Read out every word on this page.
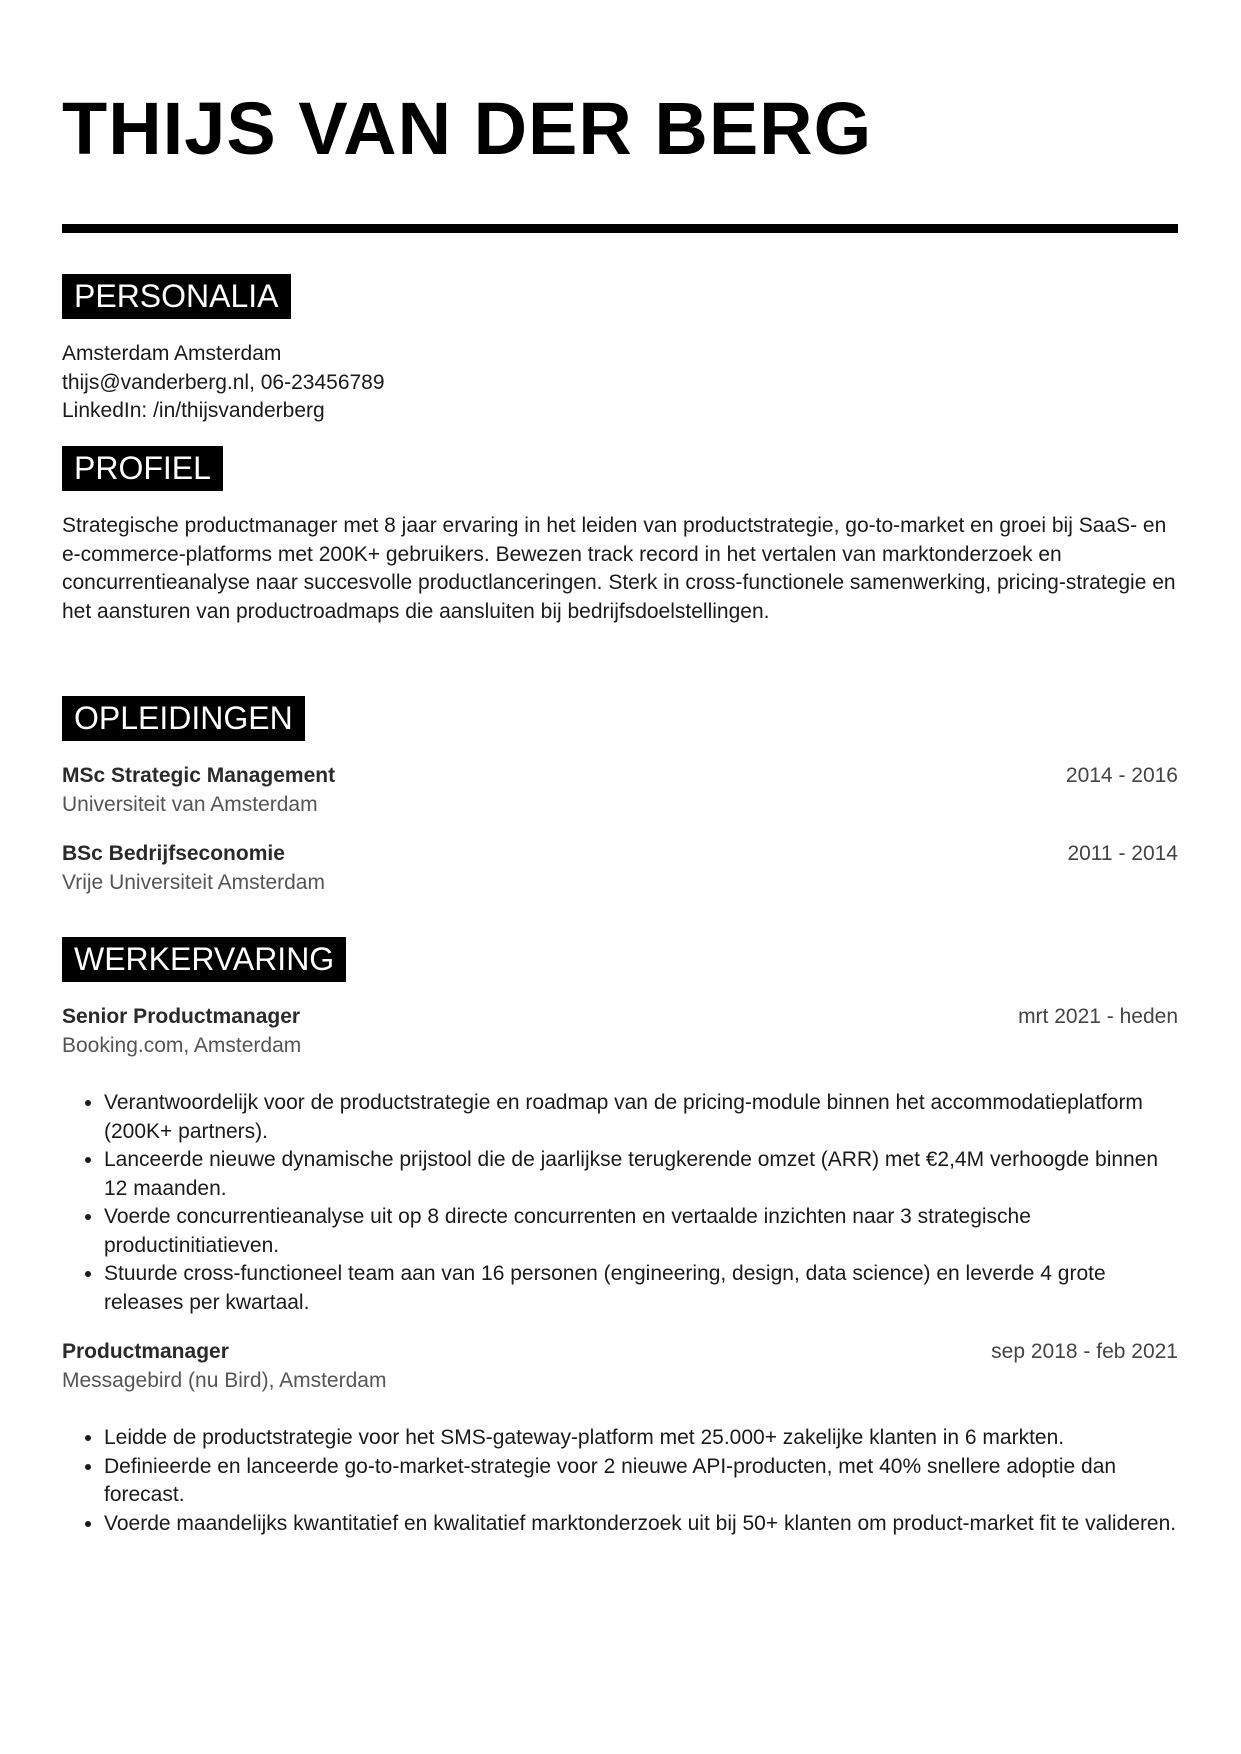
THIJS VAN DER BERG
PERSONALIA

Amsterdam Amsterdam

thijs@vanderberg.nl, 06-23456789

LinkedIn: /in/thijsvanderberg

PROFIEL

Strategische productmanager met 8 jaar ervaring in het leiden van productstrategie, go-to-market en groei bij SaaS- en e-commerce-platforms met 200K+ gebruikers. Bewezen track record in het vertalen van marktonderzoek en concurrentieanalyse naar succesvolle productlanceringen. Sterk in cross-functionele samenwerking, pricing-strategie en het aansturen van productroadmaps die aansluiten bij bedrijfsdoelstellingen.

OPLEIDINGEN
MSc Strategic Management	2014 - 2016
Universiteit van Amsterdam
BSc Bedrijfseconomie	2011 - 2014
Vrije Universiteit Amsterdam
WERKERVARING
Senior Productmanager	mrt 2021 - heden
Booking.com, Amsterdam
• Verantwoordelijk voor de productstrategie en roadmap van de pricing-module binnen het accommodatieplatform (200K+ partners).
• Lanceerde nieuwe dynamische prijstool die de jaarlijkse terugkerende omzet (ARR) met €2,4M verhoogde binnen 12 maanden.
• Voerde concurrentieanalyse uit op 8 directe concurrenten en vertaalde inzichten naar 3 strategische productinitiatieven.
• Stuurde cross-functioneel team aan van 16 personen (engineering, design, data science) en leverde 4 grote releases per kwartaal.
Productmanager	sep 2018 - feb 2021
Messagebird (nu Bird), Amsterdam
• Leidde de productstrategie voor het SMS-gateway-platform met 25.000+ zakelijke klanten in 6 markten.
• Definieerde en lanceerde go-to-market-strategie voor 2 nieuwe API-producten, met 40% snellere adoptie dan forecast.
• Voerde maandelijks kwantitatief en kwalitatief marktonderzoek uit bij 50+ klanten om product-market fit te valideren.
